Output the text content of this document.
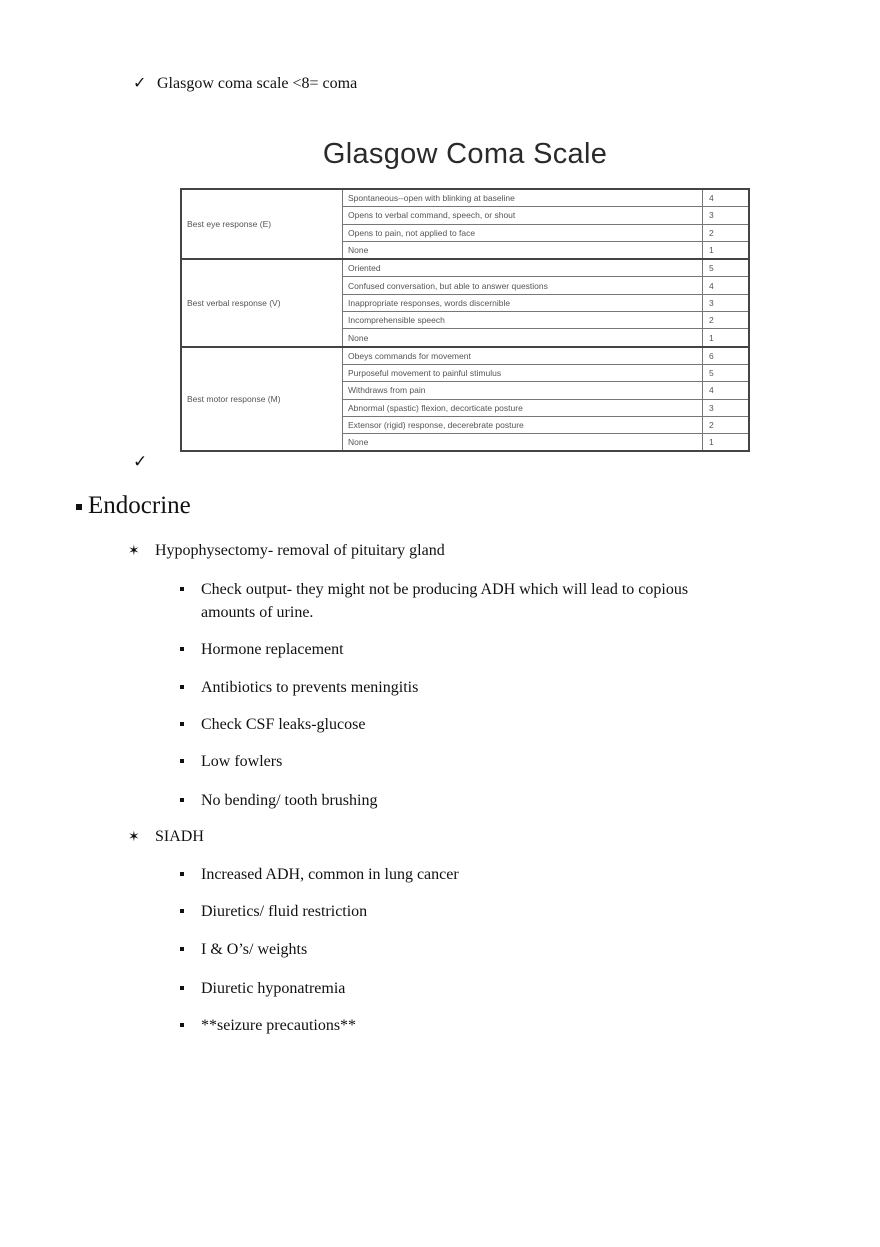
✓ Glasgow coma scale <8= coma
Glasgow Coma Scale
Best eye response (E)	Spontaneous--open with blinking at baseline	4
	Opens to verbal command, speech, or shout	3
	Opens to pain, not applied to face	2
	None	1
Best verbal response (V)	Oriented	5
	Confused conversation, but able to answer questions	4
	Inappropriate responses, words discernible	3
	Incomprehensible speech	2
	None	1
Best motor response (M)	Obeys commands for movement	6
	Purposeful movement to painful stimulus	5
	Withdraws from pain	4
	Abnormal (spastic) flexion, decorticate posture	3
	Extensor (rigid) response, decerebrate posture	2
	None	1
✓
Endocrine
✶ Hypophysectomy- removal of pituitary gland
Check output- they might not be producing ADH which will lead to copious amounts of urine.
Hormone replacement
Antibiotics to prevents meningitis
Check CSF leaks-glucose
Low fowlers
No bending/ tooth brushing
✶ SIADH
Increased ADH, common in lung cancer
Diuretics/ fluid restriction
I & O’s/ weights
Diuretic hyponatremia
**seizure precautions**
